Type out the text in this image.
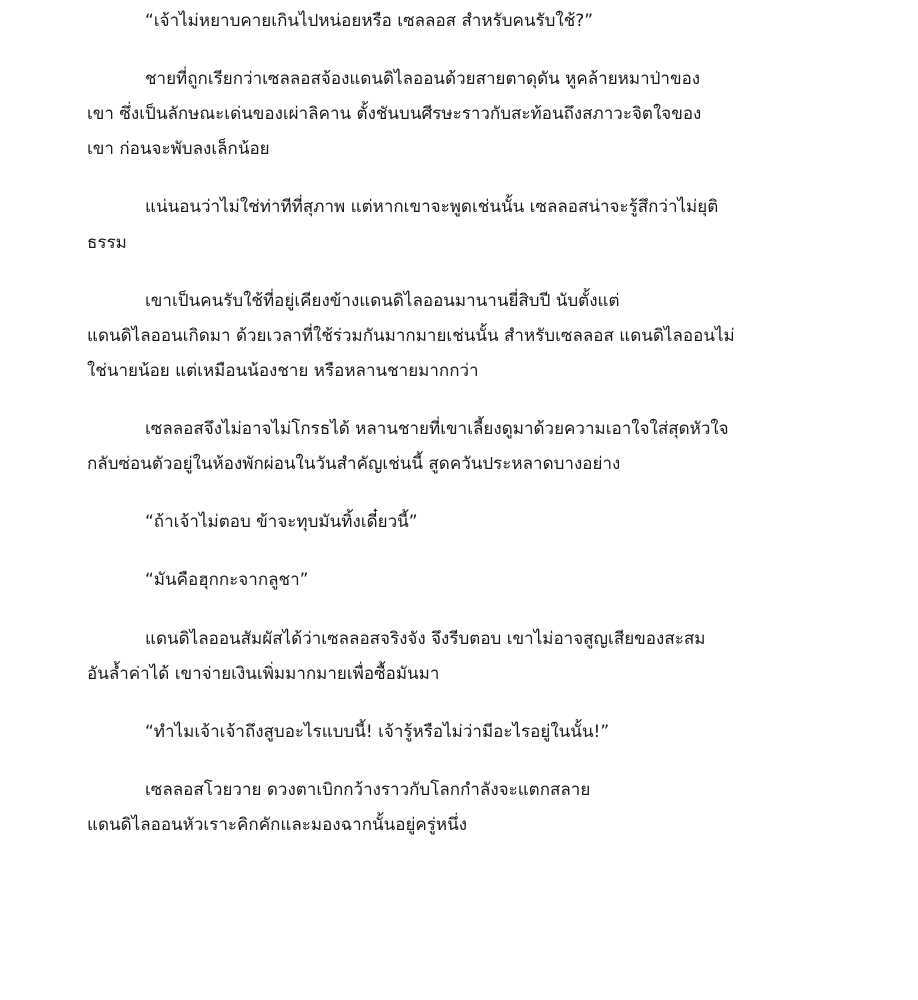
“เจ้าไม่หยาบคายเกินไปหน่อยหรือ เซลลอส สำหรับคนรับใช้?”
ชายที่ถูกเรียกว่าเซลลอสจ้องแดนดิไลออนด้วยสายตาดุดัน หูคล้ายหมาป่าของ
เขา ซึ่งเป็นลักษณะเด่นของเผ่าลิคาน ตั้งชันบนศีรษะราวกับสะท้อนถึงสภาวะจิตใจของ
เขา ก่อนจะพับลงเล็กน้อย
แน่นอนว่าไม่ใช่ท่าทีที่สุภาพ แต่หากเขาจะพูดเช่นนั้น เซลลอสน่าจะรู้สึกว่าไม่ยุติ
ธรรม
เขาเป็นคนรับใช้ที่อยู่เคียงข้างแดนดิไลออนมานานยี่สิบปี นับตั้งแต่
แดนดิไลออนเกิดมา ด้วยเวลาที่ใช้ร่วมกันมากมายเช่นนั้น สำหรับเซลลอส แดนดิไลออนไม่
ใช่นายน้อย แต่เหมือนน้องชาย หรือหลานชายมากกว่า
เซลลอสจึงไม่อาจไม่โกรธได้ หลานชายที่เขาเลี้ยงดูมาด้วยความเอาใจใส่สุดหัวใจ
กลับซ่อนตัวอยู่ในห้องพักผ่อนในวันสำคัญเช่นนี้ สูดควันประหลาดบางอย่าง
“ถ้าเจ้าไม่ตอบ ข้าจะทุบมันทิ้งเดี๋ยวนี้”
“มันคือฮุกกะจากลูชา”
แดนดิไลออนสัมผัสได้ว่าเซลลอสจริงจัง จึงรีบตอบ เขาไม่อาจสูญเสียของสะสม
อันล้ำค่าได้ เขาจ่ายเงินเพิ่มมากมายเพื่อซื้อมันมา
“ทำไมเจ้าเจ้าถึงสูบอะไรแบบนี้! เจ้ารู้หรือไม่ว่ามีอะไรอยู่ในนั้น!”
เซลลอสโวยวาย ดวงตาเบิกกว้างราวกับโลกกำลังจะแตกสลาย
แดนดิไลออนหัวเราะคิกคักและมองฉากนั้นอยู่ครู่หนึ่ง
